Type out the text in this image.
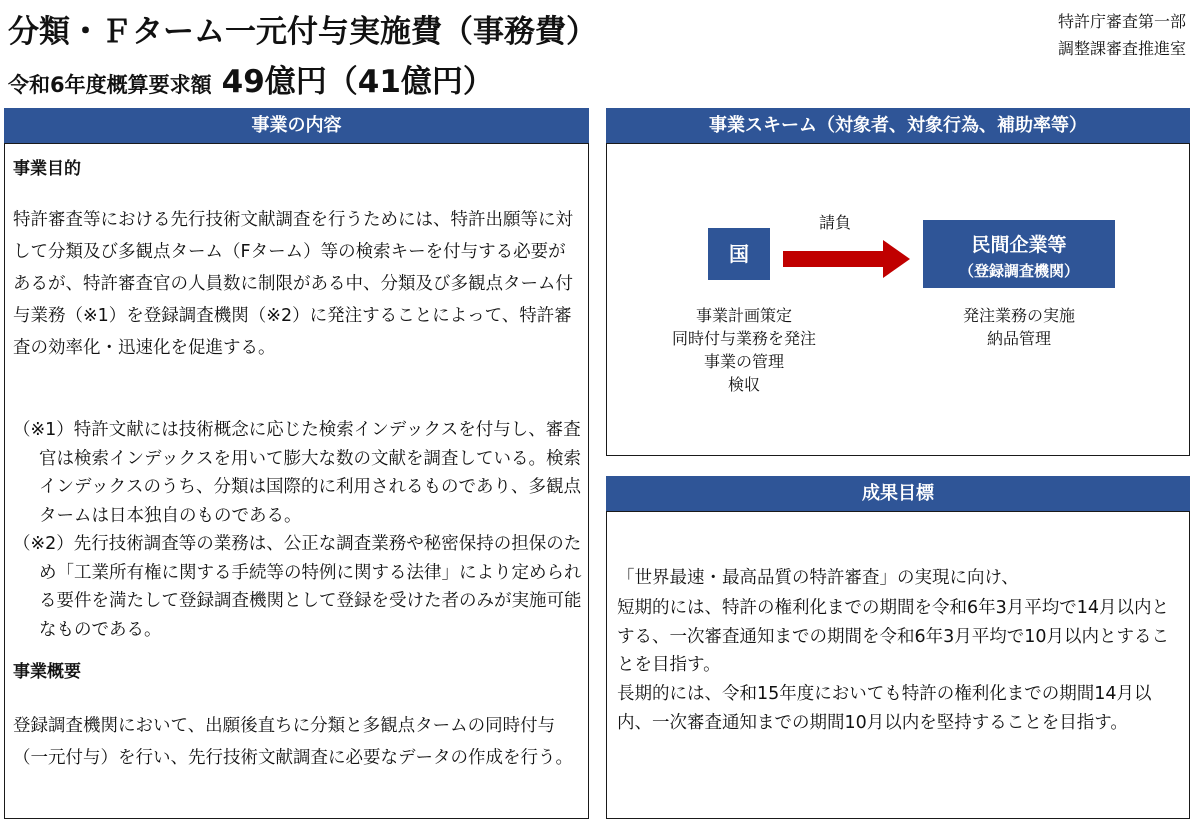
分類・Ｆターム一元付与実施費（事務費）
令和6年度概算要求額 49億円（41億円）
特許庁審査第一部
調整課審査推進室
事業の内容
事業目的

特許審査等における先行技術文献調査を行うためには、特許出願等に対して分類及び多観点ターム（Fターム）等の検索キーを付与する必要があるが、特許審査官の人員数に制限がある中、分類及び多観点ターム付与業務（※1）を登録調査機関（※2）に発注することによって、特許審査の効率化・迅速化を促進する。

（※1）特許文献には技術概念に応じた検索インデックスを付与し、審査官は検索インデックスを用いて膨大な数の文献を調査している。検索インデックスのうち、分類は国際的に利用されるものであり、多観点タームは日本独自のものである。
（※2）先行技術調査等の業務は、公正な調査業務や秘密保持の担保のため「工業所有権に関する手続等の特例に関する法律」により定められる要件を満たして登録調査機関として登録を受けた者のみが実施可能なものである。
事業概要

登録調査機関において、出願後直ちに分類と多観点タームの同時付与（一元付与）を行い、先行技術文献調査に必要なデータの作成を行う。

事業スキーム（対象者、対象行為、補助率等）
国
請負
民間企業等
（登録調査機関）
事業計画策定
同時付与業務を発注
事業の管理
検収
発注業務の実施
納品管理
成果目標

「世界最速・最高品質の特許審査」の実現に向け、

短期的には、特許の権利化までの期間を令和6年3月平均で14月以内とする、一次審査通知までの期間を令和6年3月平均で10月以内とすることを目指す。

長期的には、令和15年度においても特許の権利化までの期間14月以内、一次審査通知までの期間10月以内を堅持することを目指す。
